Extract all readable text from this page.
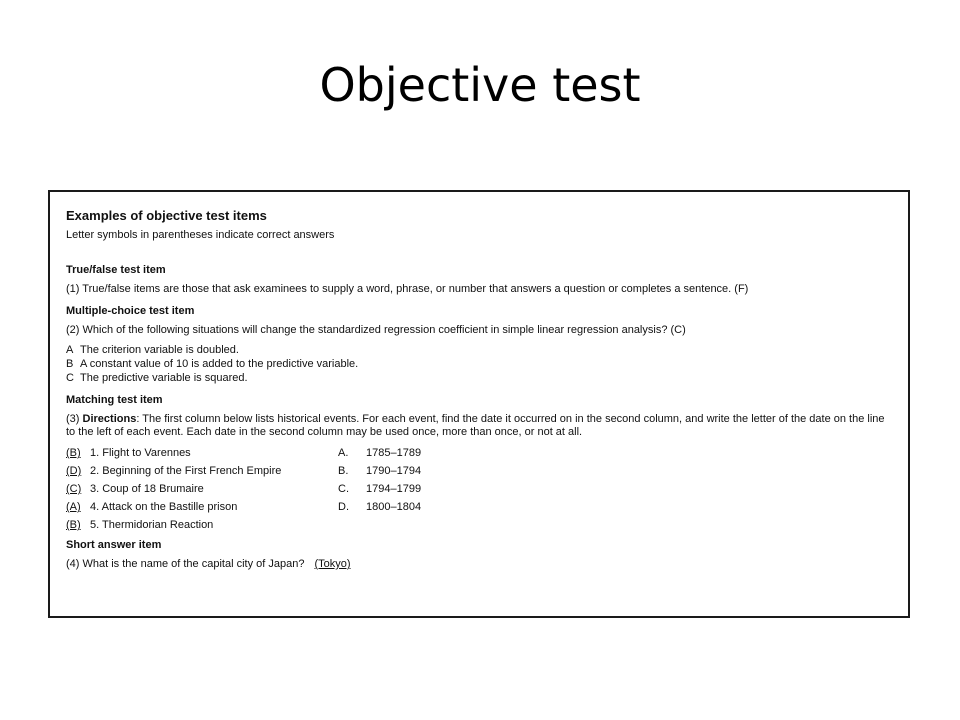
Objective test
Examples of objective test items
Letter symbols in parentheses indicate correct answers
True/false test item
(1) True/false items are those that ask examinees to supply a word, phrase, or number that answers a question or completes a sentence. (F)
Multiple-choice test item
(2) Which of the following situations will change the standardized regression coefficient in simple linear regression analysis? (C)
A The criterion variable is doubled.
B A constant value of 10 is added to the predictive variable.
C The predictive variable is squared.
Matching test item
(3) Directions: The first column below lists historical events. For each event, find the date it occurred on in the second column, and write the letter of the date on the line to the left of each event. Each date in the second column may be used once, more than once, or not at all.
(B) 1. Flight to Varennes	A. 1785–1789
(D) 2. Beginning of the First French Empire	B. 1790–1794
(C) 3. Coup of 18 Brumaire	C. 1794–1799
(A) 4. Attack on the Bastille prison	D. 1800–1804
(B) 5. Thermidorian Reaction	
Short answer item
(4) What is the name of the capital city of Japan? (Tokyo)
